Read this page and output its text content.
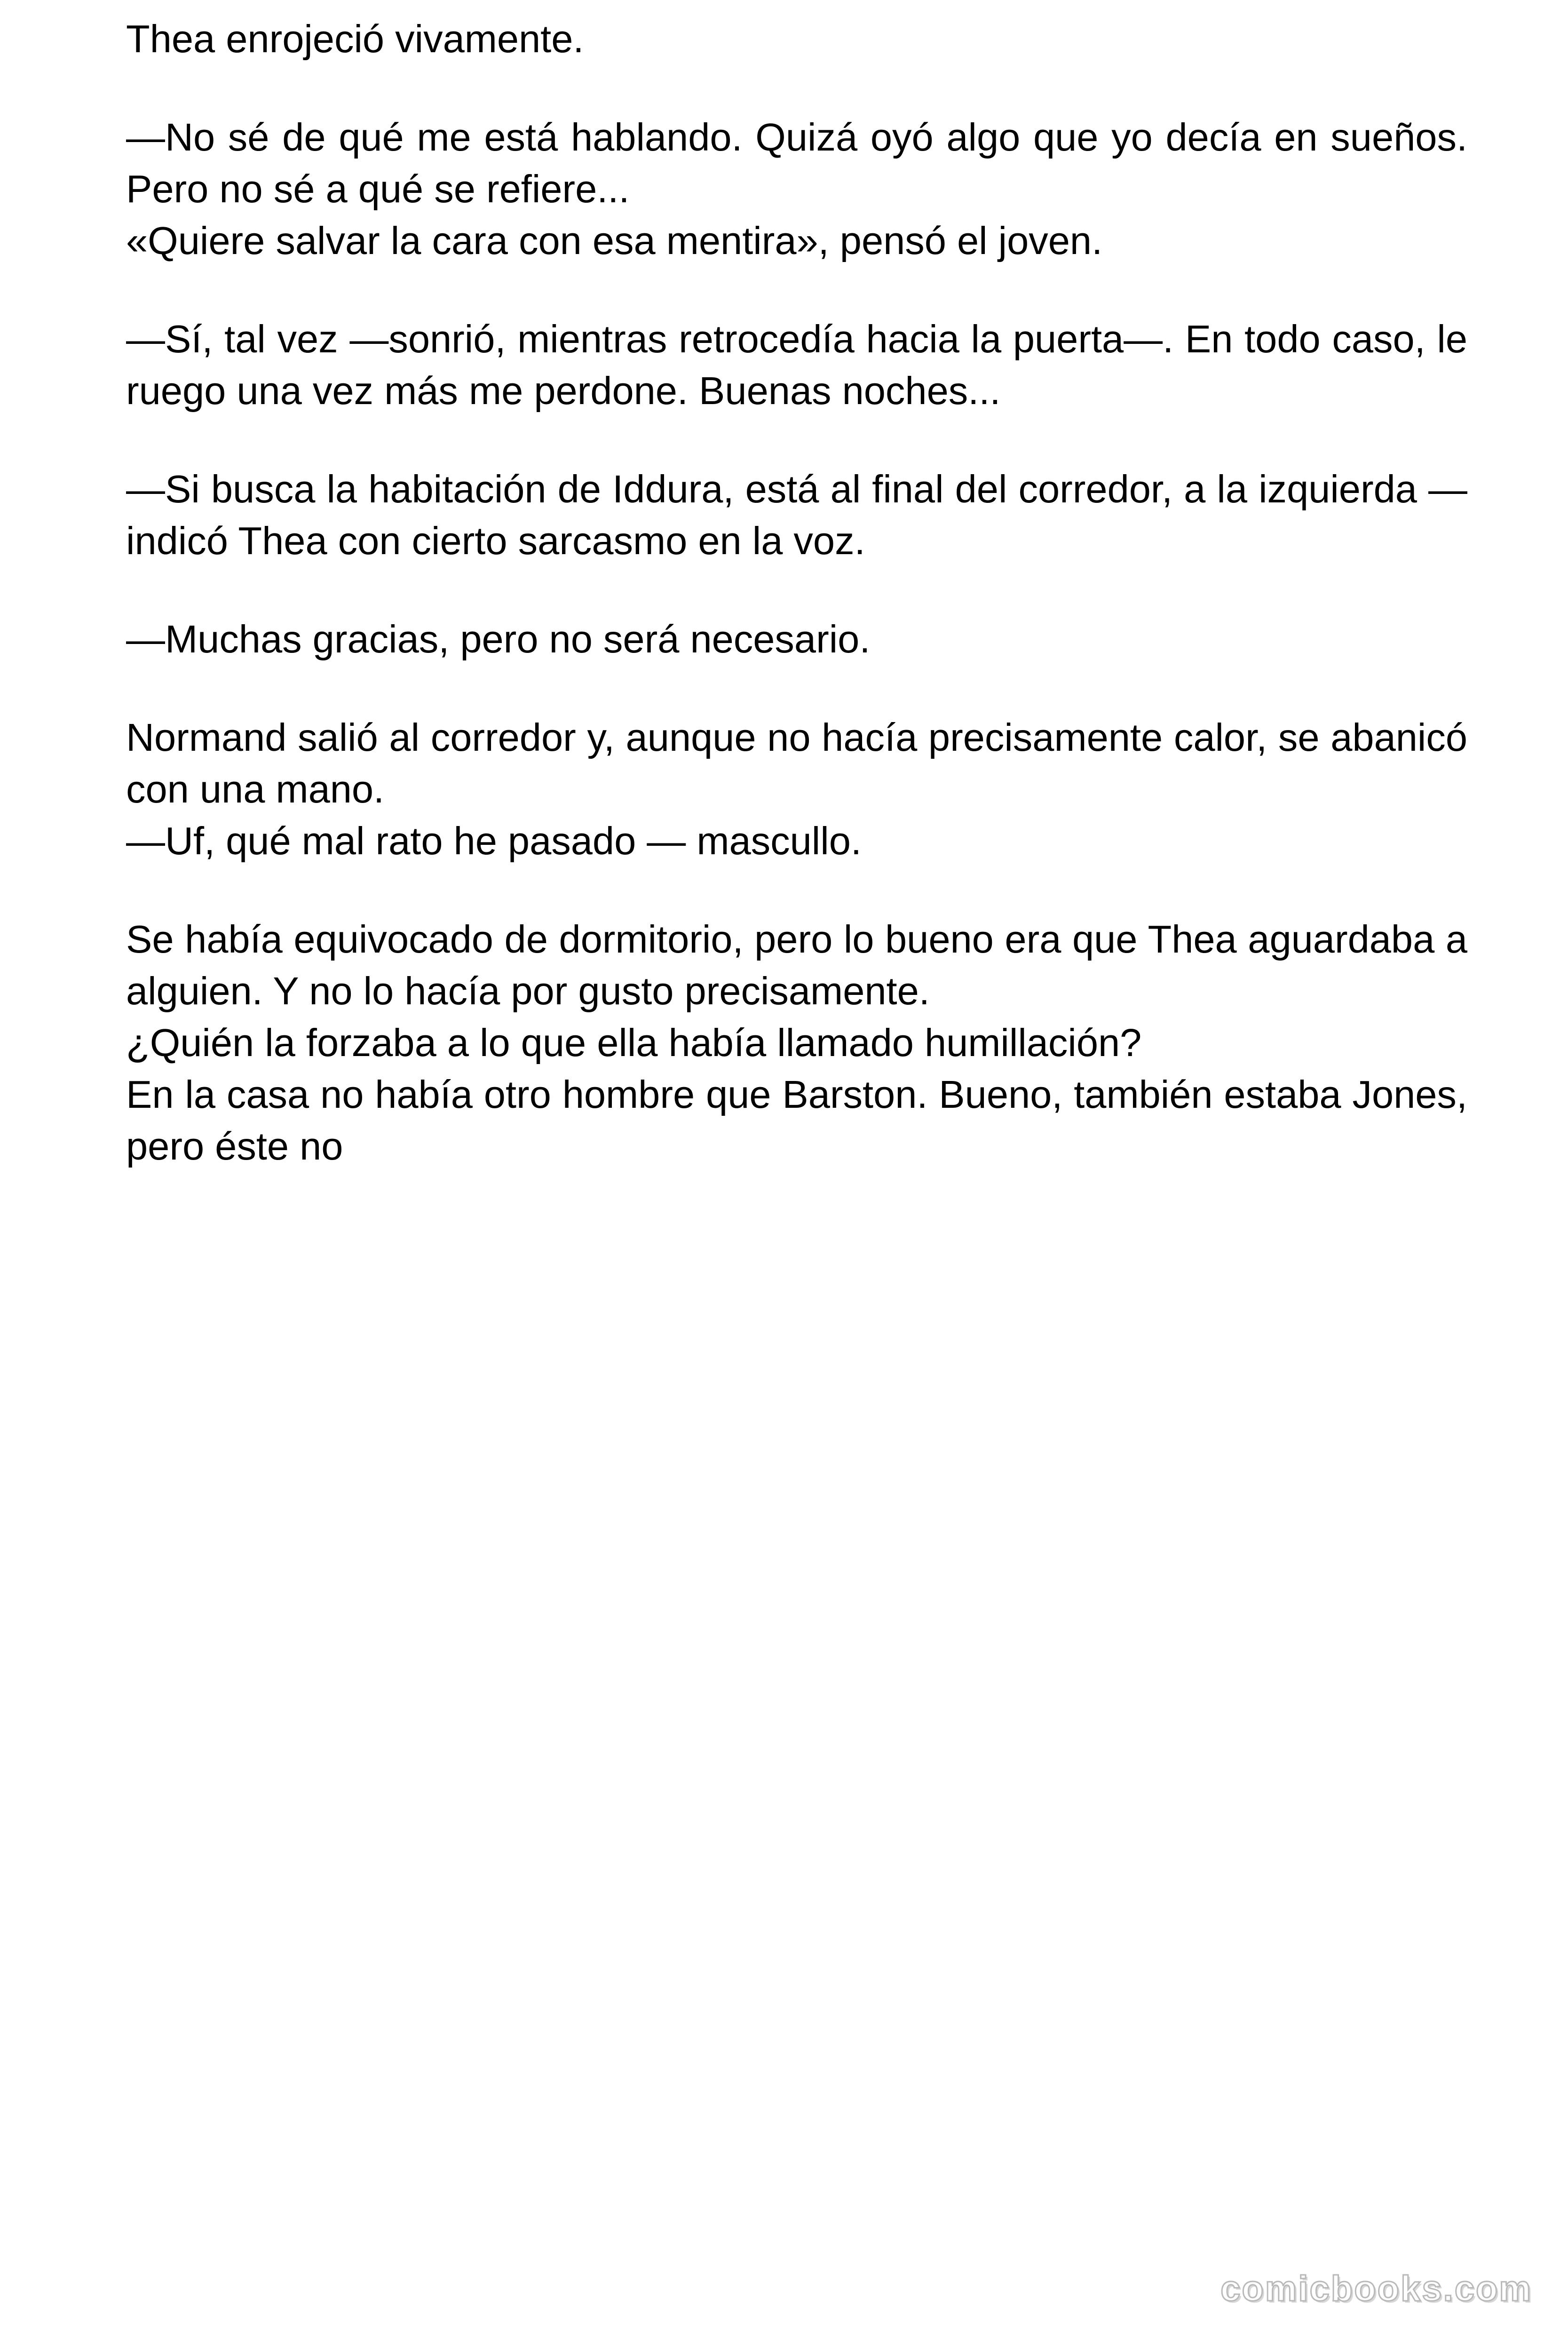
Thea enrojeció vivamente.

—No sé de qué me está hablando. Quizá oyó algo que yo decía en sueños. Pero no sé a qué se refiere...
«Quiere salvar la cara con esa mentira», pensó el joven.

—Sí, tal vez —sonrió, mientras retrocedía hacia la puerta—. En todo caso, le ruego una vez más me perdone. Buenas noches...

—Si busca la habitación de Iddura, está al final del corredor, a la izquierda —indicó Thea con cierto sarcasmo en la voz.

—Muchas gracias, pero no será necesario.

Normand salió al corredor y, aunque no hacía precisamente calor, se abanicó con una mano.
—Uf, qué mal rato he pasado — mascullo.

Se había equivocado de dormitorio, pero lo bueno era que Thea aguardaba a alguien. Y no lo hacía por gusto precisamente.
¿Quién la forzaba a lo que ella había llamado humillación?
En la casa no había otro hombre que Barston. Bueno, también estaba Jones, pero éste no

comicbooks.com
